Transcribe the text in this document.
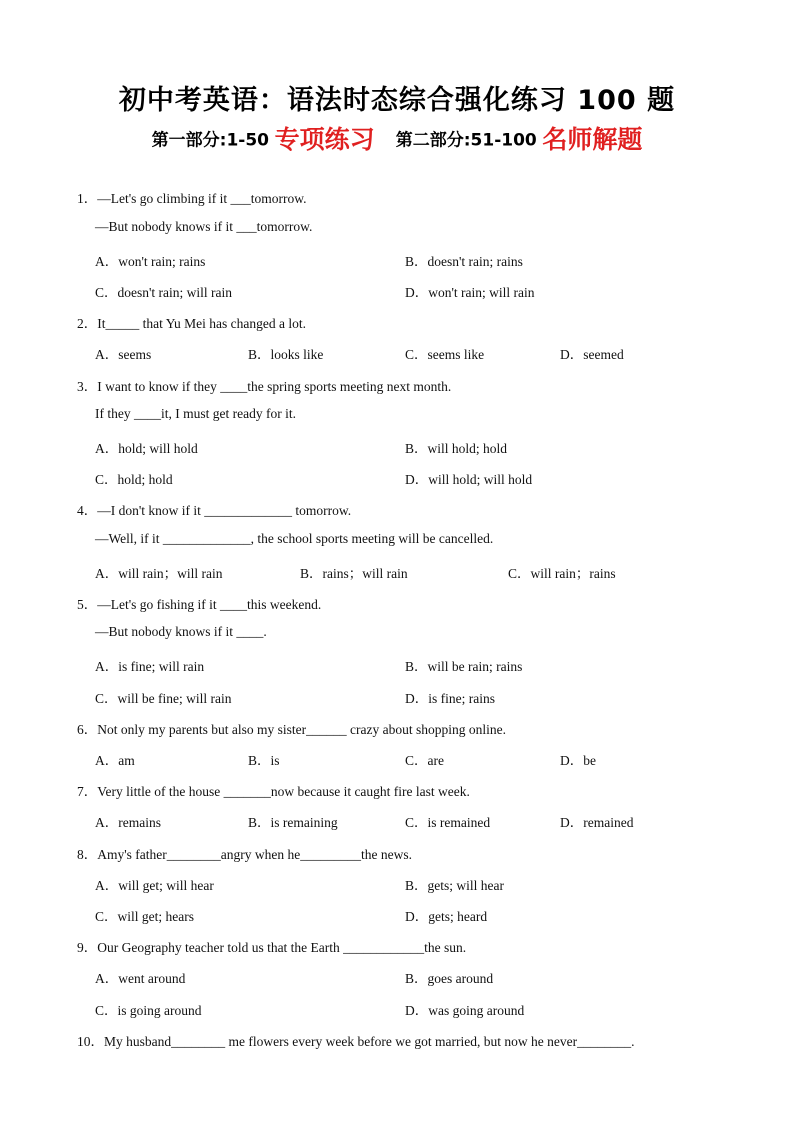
初中考英语：语法时态综合强化练习 100 题
第一部分:1-50 专项练习 第二部分:51-100 名师解题
1．—Let's go climbing if it ___tomorrow.
—But nobody knows if it ___tomorrow.
A．won't rain; rains	B．doesn't rain; rains
C．doesn't rain; will rain	D．won't rain; will rain
2．It_____ that Yu Mei has changed a lot.
A．seems	B．looks like	C．seems like	D．seemed
3．I want to know if they ____the spring sports meeting next month.
If they ____it, I must get ready for it.
A．hold; will hold	B．will hold; hold
C．hold; hold	D．will hold; will hold
4．—I don't know if it _____________ tomorrow.
—Well, if it _____________, the school sports meeting will be cancelled.
A．will rain；will rain	B．rains；will rain	C．will rain；rains
5．—Let's go fishing if it ____this weekend.
—But nobody knows if it ____.
A．is fine; will rain	B．will be rain; rains
C．will be fine; will rain	D．is fine; rains
6．Not only my parents but also my sister______ crazy about shopping online.
A．am	B．is	C．are	D．be
7．Very little of the house _______now because it caught fire last week.
A．remains	B．is remaining	C．is remained	D．remained
8．Amy's father________angry when he_________the news.
A．will get; will hear	B．gets; will hear
C．will get; hears	D．gets; heard
9．Our Geography teacher told us that the Earth ____________the sun.
A．went around	B．goes around
C．is going around	D．was going around
10．My husband________ me flowers every week before we got married, but now he never________.
